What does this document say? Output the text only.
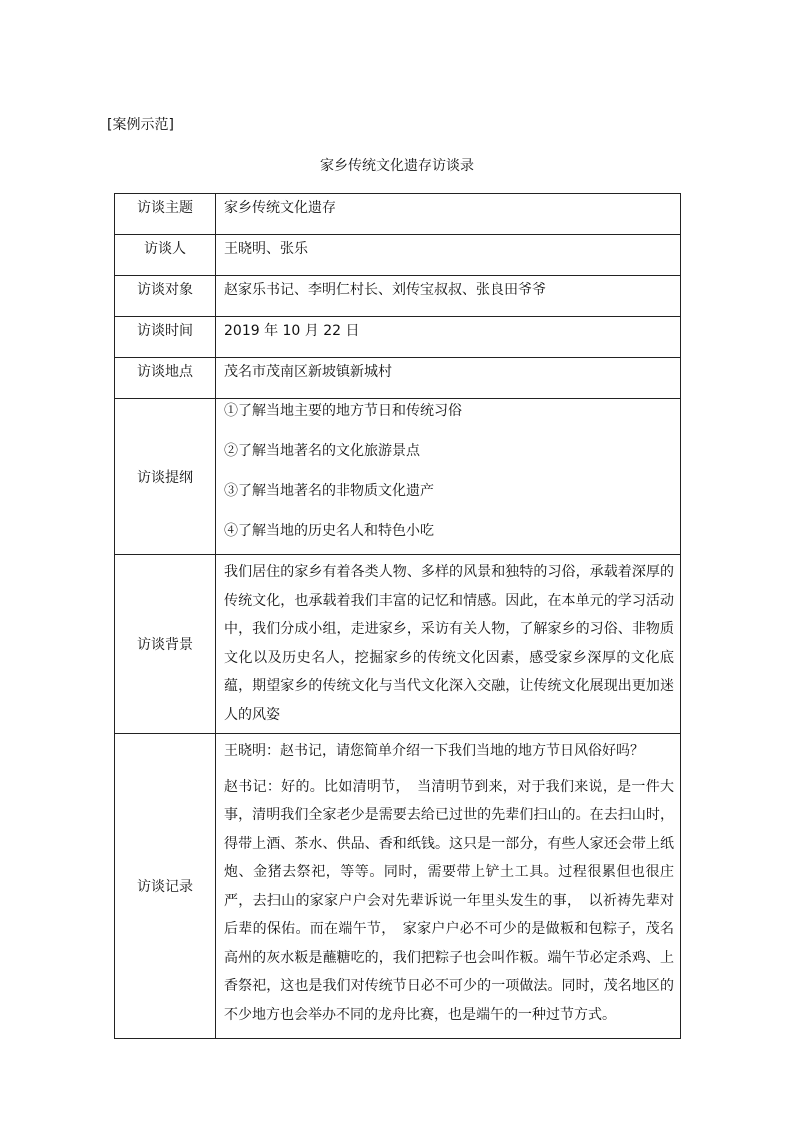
[案例示范]
家乡传统文化遗存访谈录
访谈主题	家乡传统文化遗存
访谈人	王晓明、张乐
访谈对象	赵家乐书记、李明仁村长、刘传宝叔叔、张良田爷爷
访谈时间	2019 年 10 月 22 日
访谈地点	茂名市茂南区新坡镇新城村
访谈提纲	①了解当地主要的地方节日和传统习俗

②了解当地著名的文化旅游景点

③了解当地著名的非物质文化遗产

④了解当地的历史名人和特色小吃

访谈背景	我们居住的家乡有着各类人物、多样的风景和独特的习俗，承载着深厚的传统文化，也承载着我们丰富的记忆和情感。因此，在本单元的学习活动中，我们分成小组，走进家乡，采访有关人物，了解家乡的习俗、非物质文化以及历史名人，挖掘家乡的传统文化因素，感受家乡深厚的文化底蕴，期望家乡的传统文化与当代文化深入交融，让传统文化展现出更加迷人的风姿
访谈记录	王晓明：赵书记，请您简单介绍一下我们当地的地方节日风俗好吗？

赵书记：好的。比如清明节，　当清明节到来，对于我们来说，是一件大事，清明我们全家老少是需要去给已过世的先辈们扫山的。在去扫山时，得带上酒、茶水、供品、香和纸钱。这只是一部分，有些人家还会带上纸炮、金猪去祭祀，等等。同时，需要带上铲土工具。过程很累但也很庄严，去扫山的家家户户会对先辈诉说一年里头发生的事，　以祈祷先辈对后辈的保佑。而在端午节，　家家户户必不可少的是做粄和包粽子，茂名高州的灰水粄是蘸糖吃的，我们把粽子也会叫作粄。端午节必定杀鸡、上香祭祀，这也是我们对传统节日必不可少的一项做法。同时，茂名地区的不少地方也会举办不同的龙舟比赛，也是端午的一种过节方式。
